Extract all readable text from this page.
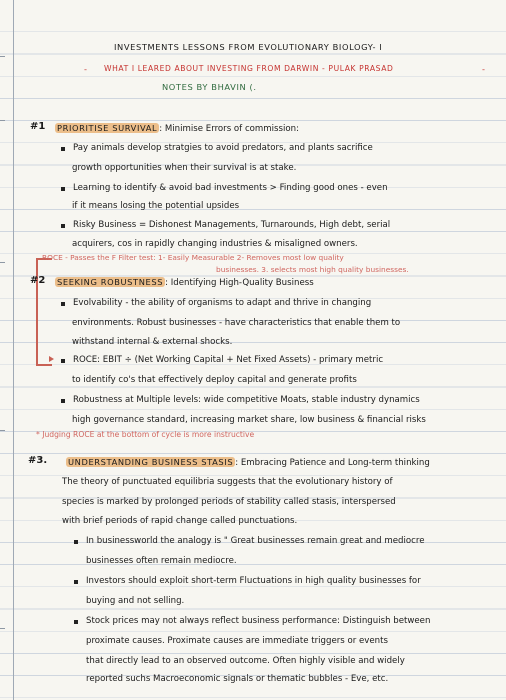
INVESTMENTS LESSONS FROM EVOLUTIONARY BIOLOGY- I
- WHAT I LEARED ABOUT INVESTING FROM DARWIN - PULAK PRASAD	-
NOTES BY BHAVIN (.
#1 PRIORITISE SURVIVAL : Minimise Errors of commission:
Pay animals develop stratgies to avoid predators, and plants sacrifice
growth opportunities when their survival is at stake.
Learning to identify & avoid bad investments > Finding good ones - even
if it means losing the potential upsides
Risky Business = Dishonest Managements, Turnarounds, High debt, serial
acquirers, cos in rapidly changing industries & misaligned owners.
ROCE - Passes the F Filter test: 1- Easily Measurable 2- Removes most low quality
businesses. 3. selects most high quality businesses.
#2 SEEKING ROBUSTNESS : Identifying High-Quality Business
Evolvability - the ability of organisms to adapt and thrive in changing
environments. Robust businesses - have characteristics that enable them to
withstand internal & external shocks.
ROCE: EBIT ÷ (Net Working Capital + Net Fixed Assets) - primary metric
to identify co's that effectively deploy capital and generate profits
Robustness at Multiple levels: wide competitive Moats, stable industry dynamics
high governance standard, increasing market share, low business & financial risks
* Judging ROCE at the bottom of cycle is more instructive
#3.	UNDERSTANDING BUSINESS STASIS : Embracing Patience and Long-term thinking
The theory of punctuated equilibria suggests that the evolutionary history of
species is marked by prolonged periods of stability called stasis, interspersed
with brief periods of rapid change called punctuations.
In businessworld the analogy is " Great businesses remain great and mediocre
businesses often remain mediocre.
Investors should exploit short-term Fluctuations in high quality businesses for
buying and not selling.
Stock prices may not always reflect business performance: Distinguish between
proximate causes. Proximate causes are immediate triggers or events
that directly lead to an observed outcome. Often highly visible and widely
reported suchs Macroeconomic signals or thematic bubbles - Eve, etc.
